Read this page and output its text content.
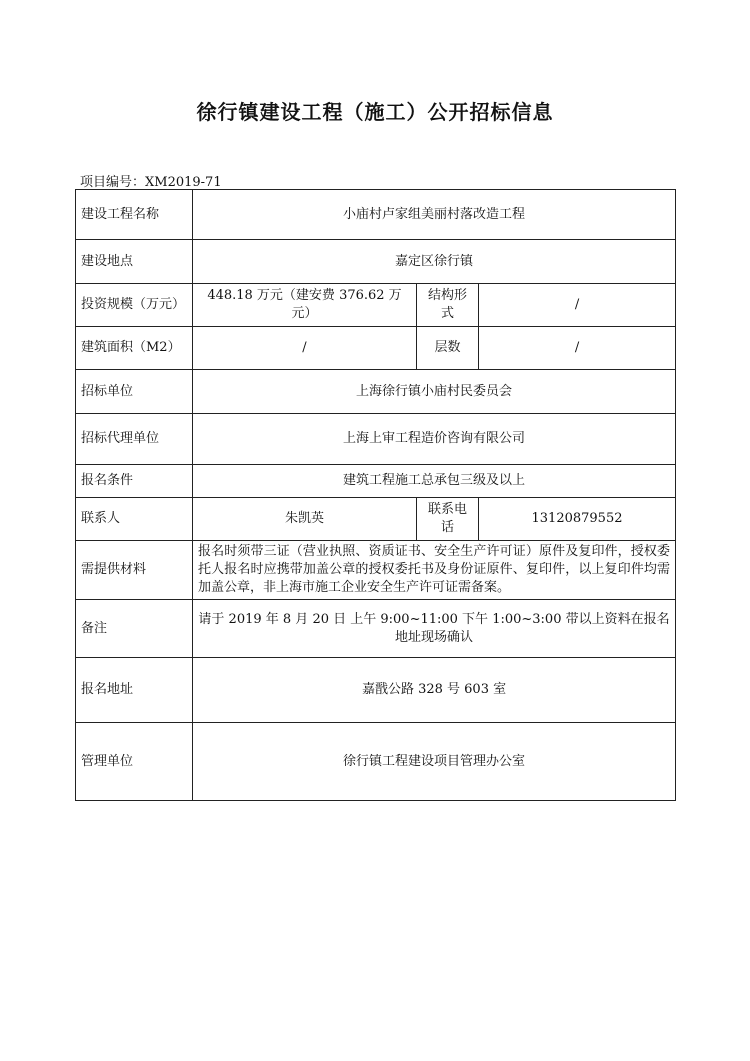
徐行镇建设工程（施工）公开招标信息
项目编号：XM2019-71
建设工程名称	小庙村卢家组美丽村落改造工程		
建设地点	嘉定区徐行镇		
投资规模（万元）	448.18 万元（建安费 376.62 万元）	结构形式	/
建筑面积（M2）	/	层数	/
招标单位	上海徐行镇小庙村民委员会		
招标代理单位	上海上审工程造价咨询有限公司		
报名条件	建筑工程施工总承包三级及以上		
联系人	朱凯英	联系电话	13120879552
需提供材料	报名时须带三证（营业执照、资质证书、安全生产许可证）原件及复印件，授权委托人报名时应携带加盖公章的授权委托书及身份证原件、复印件，以上复印件均需加盖公章，非上海市施工企业安全生产许可证需备案。		
备注	请于 2019 年 8 月 20 日 上午 9:00~11:00 下午 1:00~3:00 带以上资料在报名地址现场确认		
报名地址	嘉戬公路 328 号 603 室		
管理单位	徐行镇工程建设项目管理办公室		
